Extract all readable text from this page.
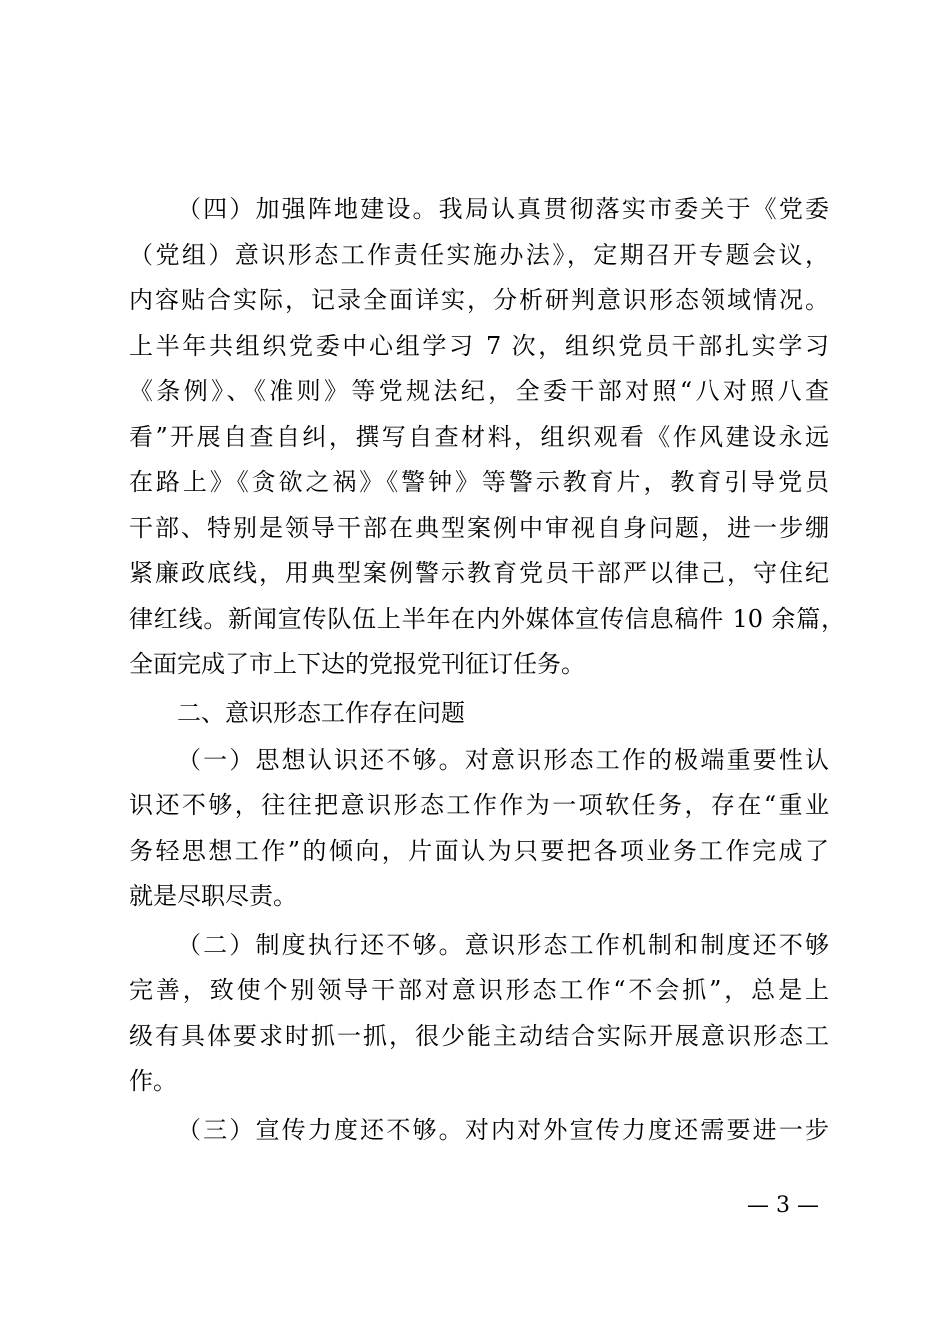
（四）加强阵地建设。我局认真贯彻落实市委关于《党委
（党组）意识形态工作责任实施办法》，定期召开专题会议，
内容贴合实际，记录全面详实，分析研判意识形态领域情况。
上半年共组织党委中心组学习 7 次，组织党员干部扎实学习
《条例》、《准则》等党规法纪，全委干部对照“八对照八查
看”开展自查自纠，撰写自查材料，组织观看《作风建设永远
在路上》《贪欲之祸》《警钟》等警示教育片，教育引导党员
干部、特别是领导干部在典型案例中审视自身问题，进一步绷
紧廉政底线，用典型案例警示教育党员干部严以律己，守住纪
律红线。新闻宣传队伍上半年在内外媒体宣传信息稿件 10 余篇，
全面完成了市上下达的党报党刊征订任务。
二、意识形态工作存在问题
（一）思想认识还不够。对意识形态工作的极端重要性认
识还不够，往往把意识形态工作作为一项软任务，存在“重业
务轻思想工作”的倾向，片面认为只要把各项业务工作完成了
就是尽职尽责。
（二）制度执行还不够。意识形态工作机制和制度还不够
完善，致使个别领导干部对意识形态工作“不会抓”，总是上
级有具体要求时抓一抓，很少能主动结合实际开展意识形态工
作。
（三）宣传力度还不够。对内对外宣传力度还需要进一步
— 3 —
